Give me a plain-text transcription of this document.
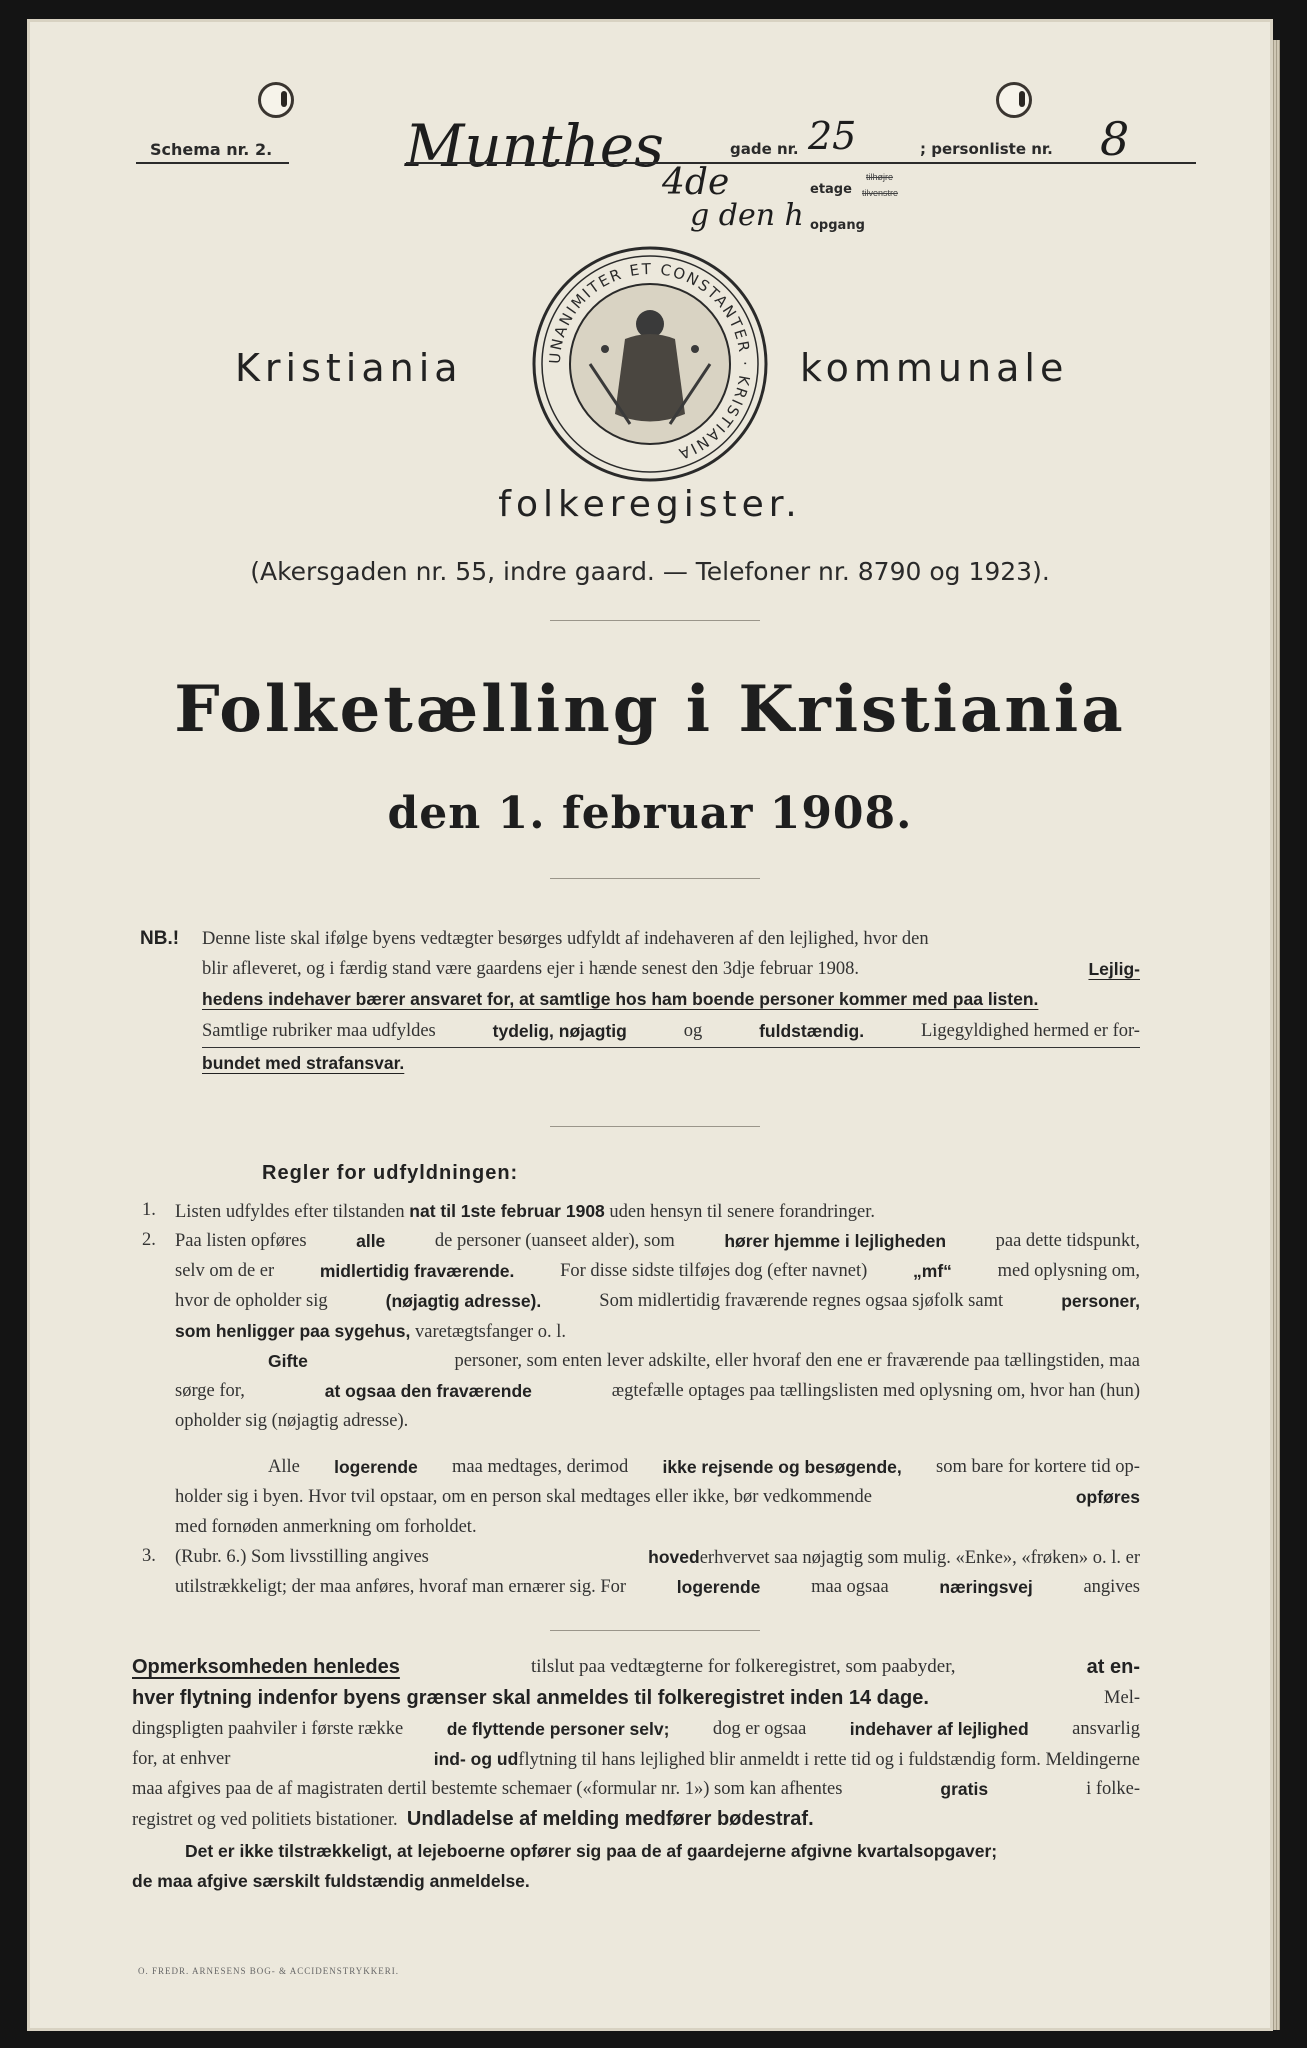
Schema nr. 2. Munthes	gade nr. 25	; personliste nr. 8
4de	etage
tilhøjre
tilvenstre
g den h opgang
Kristiania	kommunale
UNANIMITER ET CONSTANTER · KRISTIANIA
folkeregister.
(Akersgaden nr. 55, indre gaard. — Telefoner nr. 8790 og 1923).
Folketælling i Kristiania
den 1. februar 1908.
NB.! Denne liste skal ifølge byens vedtægter besørges udfyldt af indehaveren af den lejlighed, hvor den
blir afleveret, og i færdig stand være gaardens ejer i hænde senest den 3dje februar 1908.	Lejlig-
hedens indehaver bærer ansvaret for, at samtlige hos ham boende personer kommer med paa listen.
Samtlige rubriker maa udfyldes	tydelig, nøjagtig	og	fuldstændig.	Ligegyldighed hermed er for-
bundet med strafansvar.
Regler for udfyldningen:
1. Listen udfyldes efter tilstanden nat til 1ste februar 1908 uden hensyn til senere forandringer.
2. Paa listen opføres	alle	de personer (uanseet alder), som	hører hjemme i lejligheden	paa dette tidspunkt,
selv om de er	midlertidig fraværende. For disse sidste tilføjes dog (efter navnet)	„mf“ med oplysning om,
hvor de opholder sig	(nøjagtig adresse).	Som midlertidig fraværende regnes ogsaa sjøfolk samt	personer,
som henligger paa sygehus, varetægtsfanger o. l.
Gifte	personer, som enten lever adskilte, eller hvoraf den ene er fraværende paa tællingstiden, maa
sørge for,	at ogsaa den fraværende	ægtefælle optages paa tællingslisten med oplysning om, hvor han (hun)
opholder sig (nøjagtig adresse).
Alle logerende maa medtages, derimod ikke rejsende og besøgende, som bare for kortere tid op-
holder sig i byen. Hvor tvil opstaar, om en person skal medtages eller ikke, bør vedkommende	opføres
med fornøden anmerkning om forholdet.
3. (Rubr. 6.) Som livsstilling angives	hovederhvervet saa nøjagtig som mulig. «Enke», «frøken» o. l. er
utilstrækkeligt; der maa anføres, hvoraf man ernærer sig. For	logerende	maa ogsaa	næringsvej	angives
Opmerksomheden henledes	tilslut paa vedtægterne for folkeregistret, som paabyder,	at en-
hver flytning indenfor byens grænser skal anmeldes til folkeregistret inden 14 dage.	Mel-
dingspligten paahviler i første række de flyttende personer selv; dog er ogsaa indehaver af lejlighed ansvarlig
for, at enhver	ind- og udflytning til hans lejlighed blir anmeldt i rette tid og i fuldstændig form. Meldingerne
maa afgives paa de af magistraten dertil bestemte schemaer («formular nr. 1») som kan afhentes	gratis	i folke-
registret og ved politiets bistationer. Undladelse af melding medfører bødestraf.
Det er ikke tilstrækkeligt, at lejeboerne opfører sig paa de af gaardejerne afgivne kvartalsopgaver;
de maa afgive særskilt fuldstændig anmeldelse.
O. FREDR. ARNESENS BOG- & ACCIDENSTRYKKERI.
